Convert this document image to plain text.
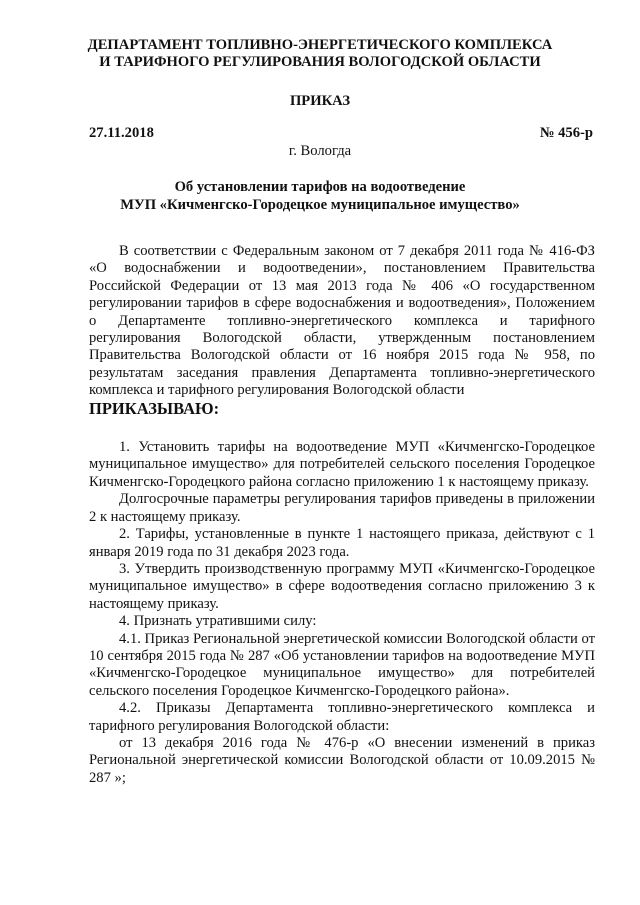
ДЕПАРТАМЕНТ ТОПЛИВНО-ЭНЕРГЕТИЧЕСКОГО КОМПЛЕКСА
И ТАРИФНОГО РЕГУЛИРОВАНИЯ ВОЛОГОДСКОЙ ОБЛАСТИ
ПРИКАЗ
27.11.2018	№ 456-р
г. Вологда
Об установлении тарифов на водоотведение
МУП «Кичменгско-Городецкое муниципальное имущество»

В соответствии с Федеральным законом от 7 декабря 2011 года № 416-ФЗ «О водоснабжении и водоотведении», постановлением Правительства Российской Федерации от 13 мая 2013 года № 406 «О государственном регулировании тарифов в сфере водоснабжения и водоотведения», Положением о Департаменте топливно-энергетического комплекса и тарифного регулирования Вологодской области, утвержденным постановлением Правительства Вологодской области от 16 ноября 2015 года № 958, по результатам заседания правления Департамента топливно-энергетического комплекса и тарифного регулирования Вологодской области

ПРИКАЗЫВАЮ:

1. Установить тарифы на водоотведение МУП «Кичменгско-Городецкое муниципальное имущество» для потребителей сельского поселения Городецкое Кичменгско-Городецкого района согласно приложению 1 к настоящему приказу.

Долгосрочные параметры регулирования тарифов приведены в приложении 2 к настоящему приказу.

2. Тарифы, установленные в пункте 1 настоящего приказа, действуют с 1 января 2019 года по 31 декабря 2023 года.

3. Утвердить производственную программу МУП «Кичменгско-Городецкое муниципальное имущество» в сфере водоотведения согласно приложению 3 к настоящему приказу.

4. Признать утратившими силу:

4.1. Приказ Региональной энергетической комиссии Вологодской области от 10 сентября 2015 года № 287 «Об установлении тарифов на водоотведение МУП «Кичменгско-Городецкое муниципальное имущество» для потребителей сельского поселения Городецкое Кичменгско-Городецкого района».

4.2. Приказы Департамента топливно-энергетического комплекса и тарифного регулирования Вологодской области:

от 13 декабря 2016 года № 476-р «О внесении изменений в приказ Региональной энергетической комиссии Вологодской области от 10.09.2015 № 287 »;
